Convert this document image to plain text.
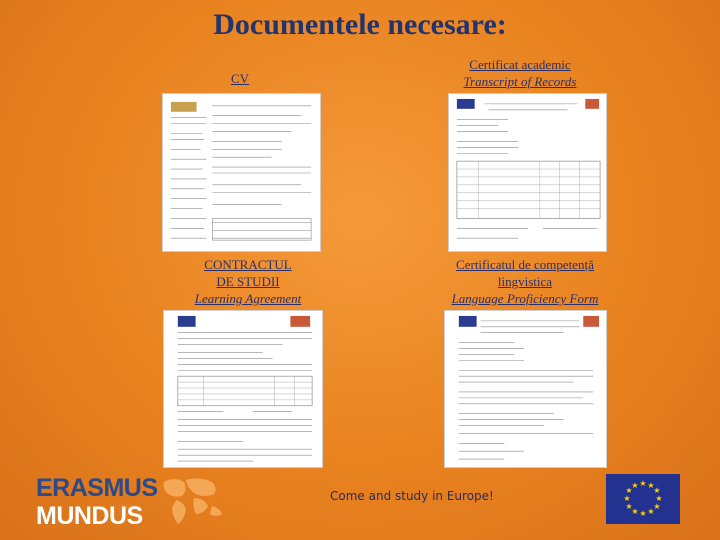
Documentele necesare:
CV
Certificat academic
Transcript of Records
CONTRACTUL
DE STUDII
Learning Agreement
Certificatul de competență
lingvistica
Language Proficiency Form
ERASMUS
MUNDUS
Come and study in Europe!
★ ★
★
★
★
★
★
★
★
★
★
★
